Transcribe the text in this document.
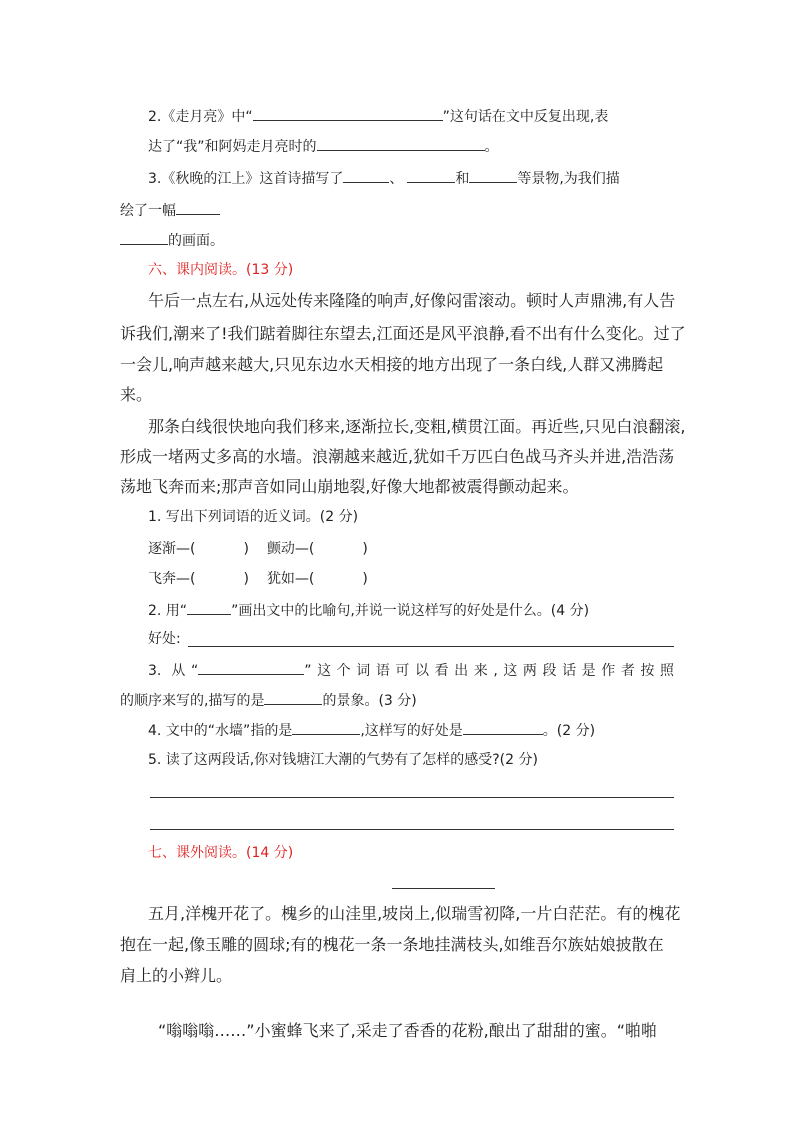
2.《走月亮》中“	”这句话在文中反复出现,表
达了“我”和阿妈走月亮时的	。
3.《秋晚的江上》这首诗描写了	、	和	等景物,为我们描
绘了一幅
的画面。
六、课内阅读。(13 分)
午后一点左右,从远处传来隆隆的响声,好像闷雷滚动。顿时人声鼎沸,有人告
诉我们,潮来了!我们踮着脚往东望去,江面还是风平浪静,看不出有什么变化。过了
一会儿,响声越来越大,只见东边水天相接的地方出现了一条白线,人群又沸腾起
来。
那条白线很快地向我们移来,逐渐拉长,变粗,横贯江面。再近些,只见白浪翻滚,
形成一堵两丈多高的水墙。浪潮越来越近,犹如千万匹白色战马齐头并进,浩浩荡
荡地飞奔而来;那声音如同山崩地裂,好像大地都被震得颤动起来。
1. 写出下列词语的近义词。(2 分)
逐渐—(	) 颤动—(	)
飞奔—(	) 犹如—(	)
2. 用“	”画出文中的比喻句,并说一说这样写的好处是什么。(4 分)
好处:
3. 从“	”这个词语可以看出来,这两段话是作者按照
的顺序来写的,描写的是	的景象。(3 分)
4. 文中的“水墙”指的是	,这样写的好处是	。(2 分)
5. 读了这两段话,你对钱塘江大潮的气势有了怎样的感受?(2 分)
七、课外阅读。(14 分)
五月,洋槐开花了。槐乡的山洼里,坡岗上,似瑞雪初降,一片白茫茫。有的槐花
抱在一起,像玉雕的圆球;有的槐花一条一条地挂满枝头,如维吾尔族姑娘披散在
肩上的小辫儿。
“嗡嗡嗡……”小蜜蜂飞来了,采走了香香的花粉,酿出了甜甜的蜜。“啪啪
